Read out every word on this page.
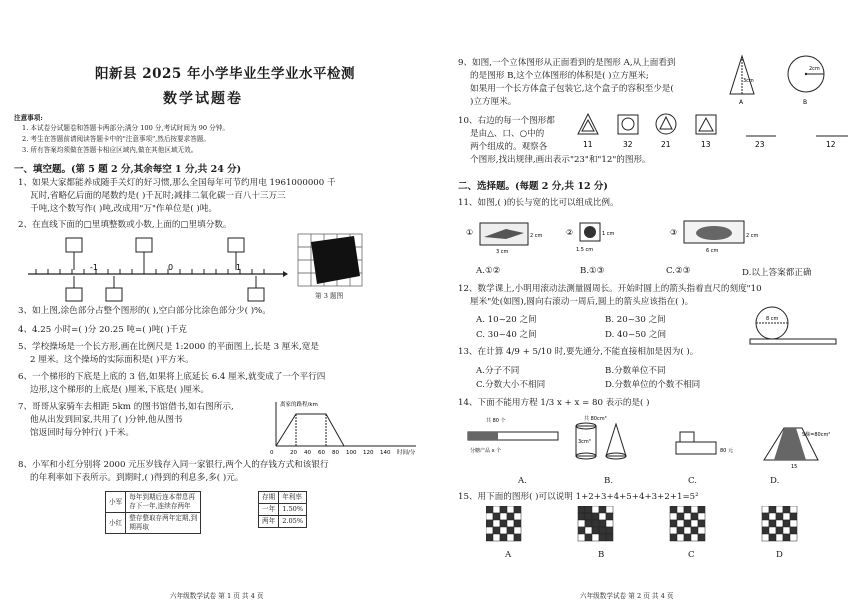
阳新县 2025 年小学毕业生学业水平检测
数学试题卷
注意事项:
1. 本试卷分试题卷和答题卡两部分;满分 100 分,考试时间为 90 分钟。
2. 考生在答题前请阅读答题卡中的"注意事项",然后按要求答题。
3. 所有答案均须做在答题卡相应区域内,做在其他区域无效。
一、填空题。(第 5 题 2 分,其余每空 1 分,共 24 分)
1、如果大家都能养成随手关灯的好习惯,那么全国每年可节约用电 1961000000 千
瓦时,省略亿后面的尾数约是( )千瓦时;减排二氧化碳一百八十三万三
千吨,这个数写作( )吨,改成用"万"作单位是( )吨。
2、在直线下面的□里填整数或小数,上面的□里填分数。
-1	0	1
第 3 题图
3、如上图,涂色部分占整个图形的( ),空白部分比涂色部分少( )%。
4、4.25 小时=( )分 20.25 吨=( )吨( )千克
5、学校操场是一个长方形,画在比例尺是 1:2000 的平面图上,长是 3 厘米,宽是
2 厘米。这个操场的实际面积是( )平方米。
6、一个梯形的下底是上底的 3 倍,如果将上底延长 6.4 厘米,就变成了一个平行四
边形,这个梯形的上底是( )厘米,下底是( )厘米。
7、哥哥从家骑车去相距 5km 的图书馆借书,如右图所示,
他从出发到回家,共用了( )分钟,他从图书
馆返回时每分钟行( )千米。
离家的路程/km
0	20 40 60 80 100 120 140 时间/分
8、小军和小红分别将 2000 元压岁钱存入同一家银行,两个人的存钱方式和该银行
的年利率如下表所示。到期时,( )得到的利息多,多( )元。
小军	每年到期后连本带息再
存下一年,连续存两年

小红	整存整取存两年定期,到
期再取
存期	年利率
一年	1.50%
两年	2.05%
六年级数学试卷 第 1 页 共 4 页
9、如图,一个立体图形从正面看到的是图形 A,从上面看到
的是图形 B,这个立体图形的体积是( )立方厘米;
如果用一个长方体盒子包装它,这个盒子的容积至少是(
)立方厘米。
3cm
A
2cm
B
10、右边的每一个图形都
是由△、口、○中的
两个组成的。观察各
个图形,找出规律,画出表示"23"和"12"的图形。
11	32	21	13	23	12
二、选择题。(每题 2 分,共 12 分)
11、如图,( )的长与宽的比可以组成比例。
①	2 cm
3 cm
②	1 cm
1.5 cm
③	2 cm
6 cm
A.①②	B.①③	C.②③	D.以上答案都正确
12、数学课上,小明用滚动法测量圆周长。开始时圆上的箭头指着直尺的刻度"10
厘米"处(如图),圆向右滚动一周后,圆上的箭头应该指在( )。
A. 10~20 之间	B. 20~30 之间
C. 30~40 之间	D. 40~50 之间
8 cm
13、在计算 4/9 + 5/10 时,要先通分,不能直接相加是因为( )。
A.分子不同	B.分数单位不同
C.分数大小不相同	D.分数单位的个数不相同
14、下面不能用方程 1/3 x + x = 80 表示的是( )
共 80 个
分糖产品 x 个
共 80cm³
3cm³
80 元
S梯=80cm²
15
A.	B.	C.	D.
15、用下面的图形( )可以说明 1+2+3+4+5+4+3+2+1=5²
A	B	C	D
六年级数学试卷 第 2 页 共 4 页
